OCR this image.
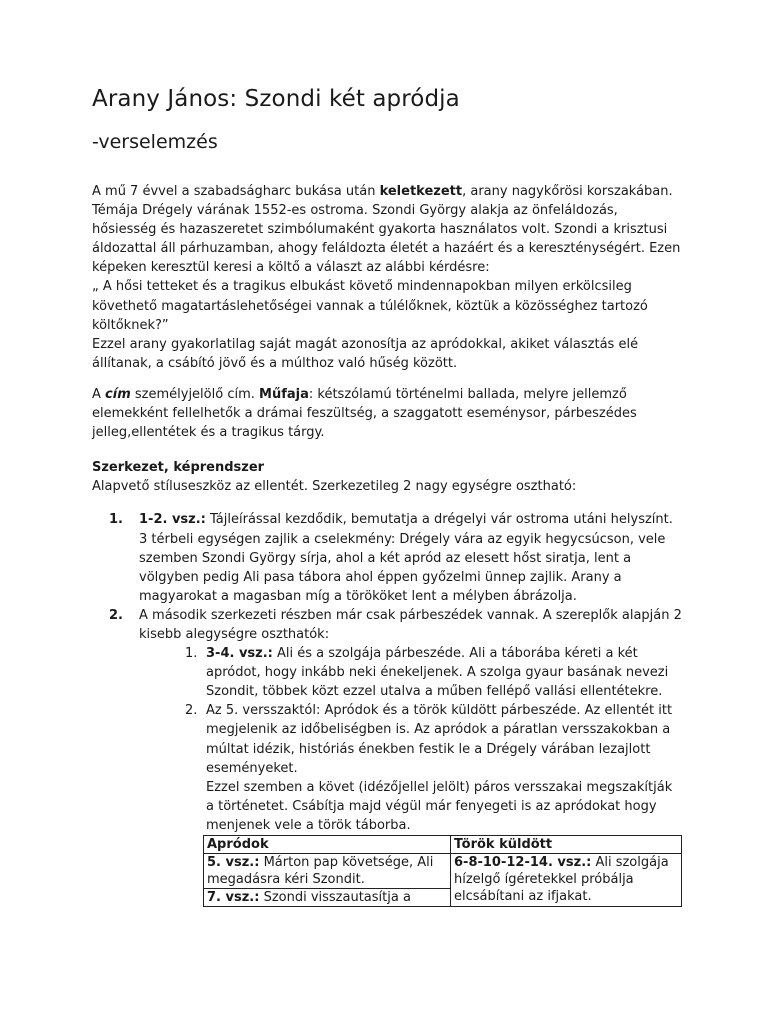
Arany János: Szondi két apródja
-verselemzés

A mű 7 évvel a szabadságharc bukása után keletkezett, arany nagykőrösi korszakában. Témája Drégely várának 1552-es ostroma. Szondi György alakja az önfeláldozás, hősiesség és hazaszeretet szimbólumaként gyakorta használatos volt. Szondi a krisztusi áldozattal áll párhuzamban, ahogy feláldozta életét a hazáért és a kereszténységért. Ezen képeken keresztül keresi a költő a választ az alábbi kérdésre:

„ A hősi tetteket és a tragikus elbukást követő mindennapokban milyen erkölcsileg követhető magatartáslehetőségei vannak a túlélőknek, köztük a közösséghez tartozó költőknek?”

Ezzel arany gyakorlatilag saját magát azonosítja az apródokkal, akiket választás elé állítanak, a csábító jövő és a múlthoz való hűség között.

A cím személyjelölő cím. Műfaja: kétszólamú történelmi ballada, melyre jellemző elemekként fellelhetők a drámai feszültség, a szaggatott eseménysor, párbeszédes jelleg,ellentétek és a tragikus tárgy.

Szerkezet, képrendszer

Alapvető stíluseszköz az ellentét. Szerkezetileg 2 nagy egységre osztható:

1. 1-2. vsz.: Tájleírással kezdődik, bemutatja a drégelyi vár ostroma utáni helyszínt.

3 térbeli egységen zajlik a cselekmény: Drégely vára az egyik hegycsúcson, vele szemben Szondi György sírja, ahol a két apród az elesett hőst siratja, lent a völgyben pedig Ali pasa tábora ahol éppen győzelmi ünnep zajlik. Arany a magyarokat a magasban míg a törököket lent a mélyben ábrázolja.

2. A második szerkezeti részben már csak párbeszédek vannak. A szereplők alapján 2 kisebb alegységre oszthatók:

1. 3-4. vsz.: Ali és a szolgája párbeszéde. Ali a táborába kéreti a két apródot, hogy inkább neki énekeljenek. A szolga gyaur basának nevezi Szondit, többek közt ezzel utalva a műben fellépő vallási ellentétekre.

2. Az 5. versszaktól: Apródok és a török küldött párbeszéde. Az ellentét itt megjelenik az időbeliségben is. Az apródok a páratlan versszakokban a múltat idézik, históriás énekben festik le a Drégely várában lezajlott eseményeket.

Ezzel szemben a követ (idézőjellel jelölt) páros versszakai megszakítják a történetet. Csábítja majd végül már fenyegeti is az apródokat hogy menjenek vele a török táborba.

Apródok	Török küldött
5. vsz.: Márton pap követsége, Ali megadásra kéri Szondit.	6-8-10-12-14. vsz.: Ali szolgája hízelgő ígéretekkel próbálja elcsábítani az ifjakat.
7. vsz.: Szondi visszautasítja a	
